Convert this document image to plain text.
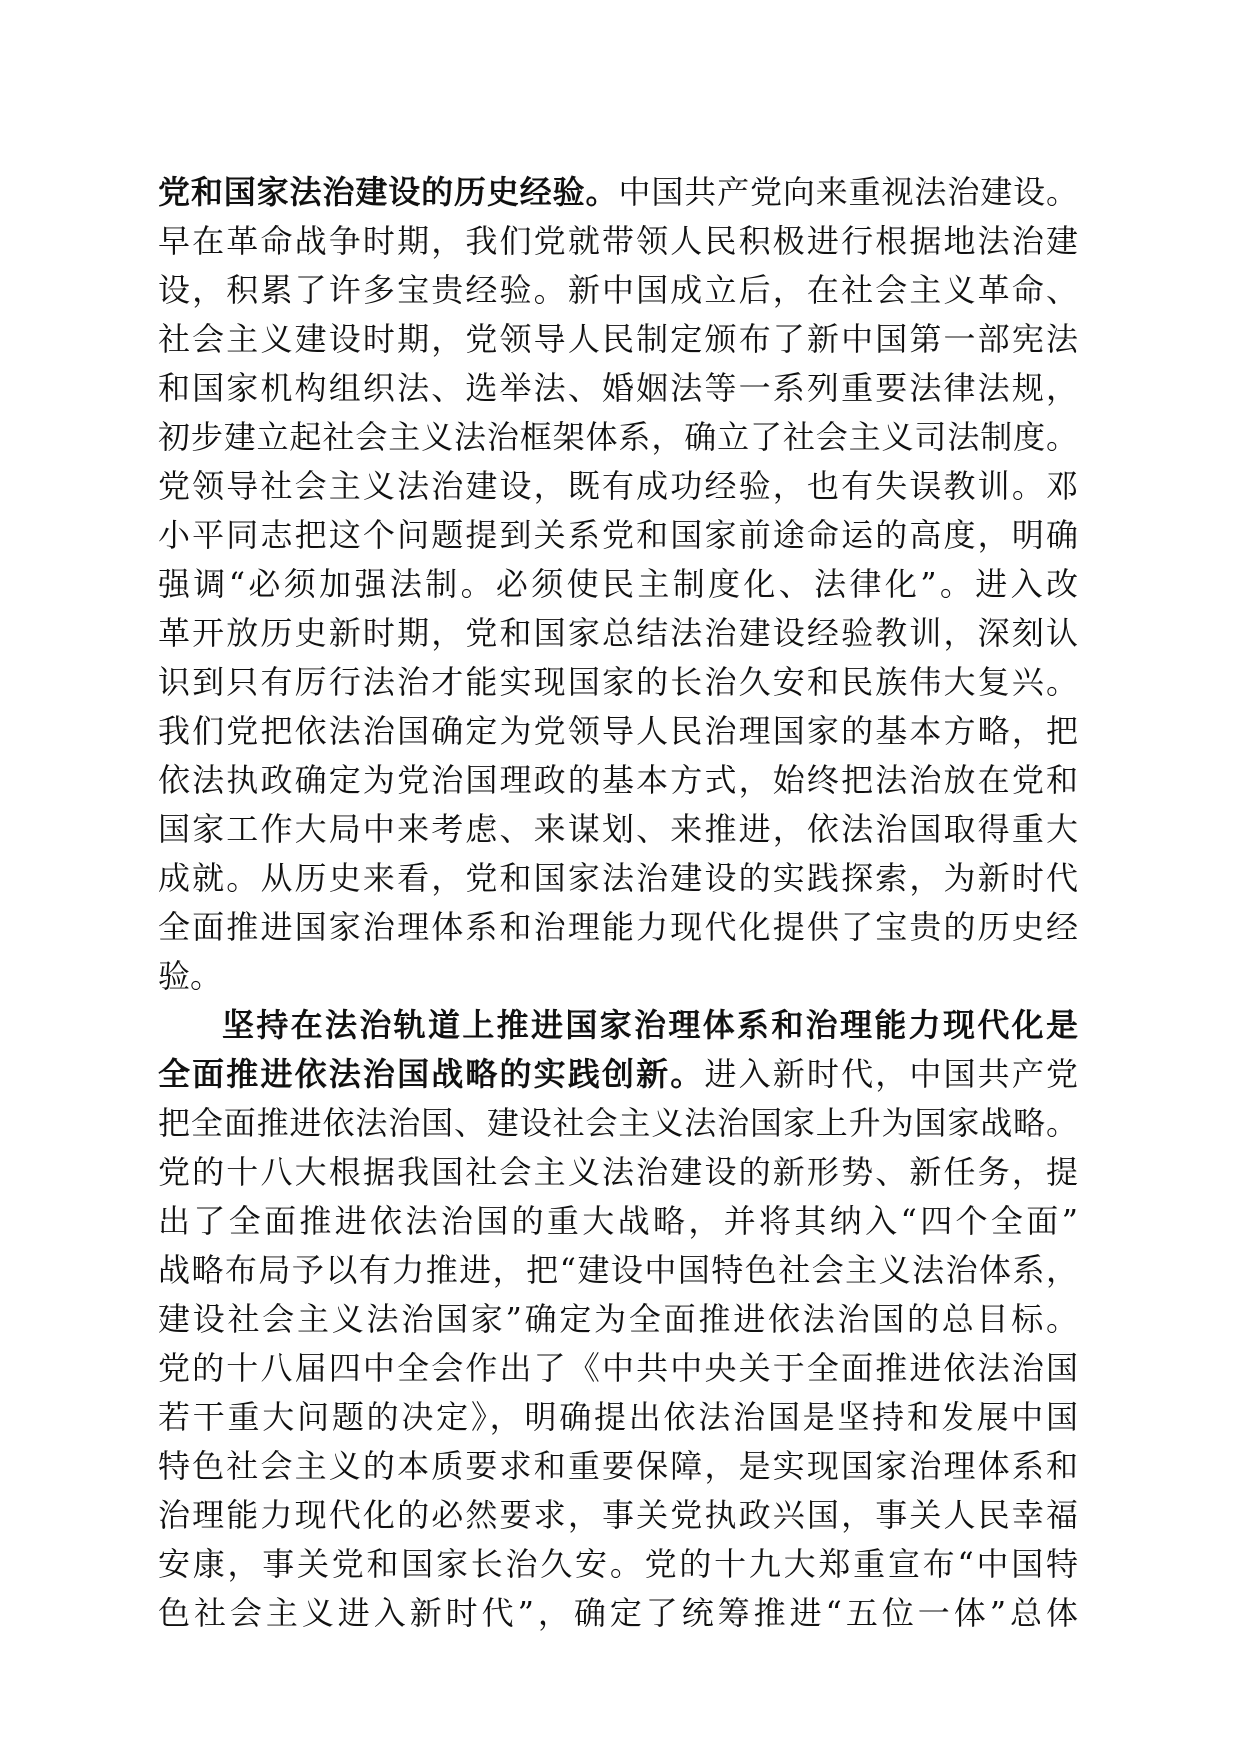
党和国家法治建设的历史经验。中国共产党向来重视法治建设。
早在革命战争时期，我们党就带领人民积极进行根据地法治建
设，积累了许多宝贵经验。新中国成立后，在社会主义革命、
社会主义建设时期，党领导人民制定颁布了新中国第一部宪法
和国家机构组织法、选举法、婚姻法等一系列重要法律法规，
初步建立起社会主义法治框架体系，确立了社会主义司法制度。
党领导社会主义法治建设，既有成功经验，也有失误教训。邓
小平同志把这个问题提到关系党和国家前途命运的高度，明确
强调“必须加强法制。必须使民主制度化、法律化”。进入改
革开放历史新时期，党和国家总结法治建设经验教训，深刻认
识到只有厉行法治才能实现国家的长治久安和民族伟大复兴。
我们党把依法治国确定为党领导人民治理国家的基本方略，把
依法执政确定为党治国理政的基本方式，始终把法治放在党和
国家工作大局中来考虑、来谋划、来推进，依法治国取得重大
成就。从历史来看，党和国家法治建设的实践探索，为新时代
全面推进国家治理体系和治理能力现代化提供了宝贵的历史经
验。
坚持在法治轨道上推进国家治理体系和治理能力现代化是
全面推进依法治国战略的实践创新。进入新时代，中国共产党
把全面推进依法治国、建设社会主义法治国家上升为国家战略。
党的十八大根据我国社会主义法治建设的新形势、新任务，提
出了全面推进依法治国的重大战略，并将其纳入“四个全面”
战略布局予以有力推进，把“建设中国特色社会主义法治体系，
建设社会主义法治国家”确定为全面推进依法治国的总目标。
党的十八届四中全会作出了《中共中央关于全面推进依法治国
若干重大问题的决定》，明确提出依法治国是坚持和发展中国
特色社会主义的本质要求和重要保障，是实现国家治理体系和
治理能力现代化的必然要求，事关党执政兴国，事关人民幸福
安康，事关党和国家长治久安。党的十九大郑重宣布“中国特
色社会主义进入新时代”，确定了统筹推进“五位一体”总体
